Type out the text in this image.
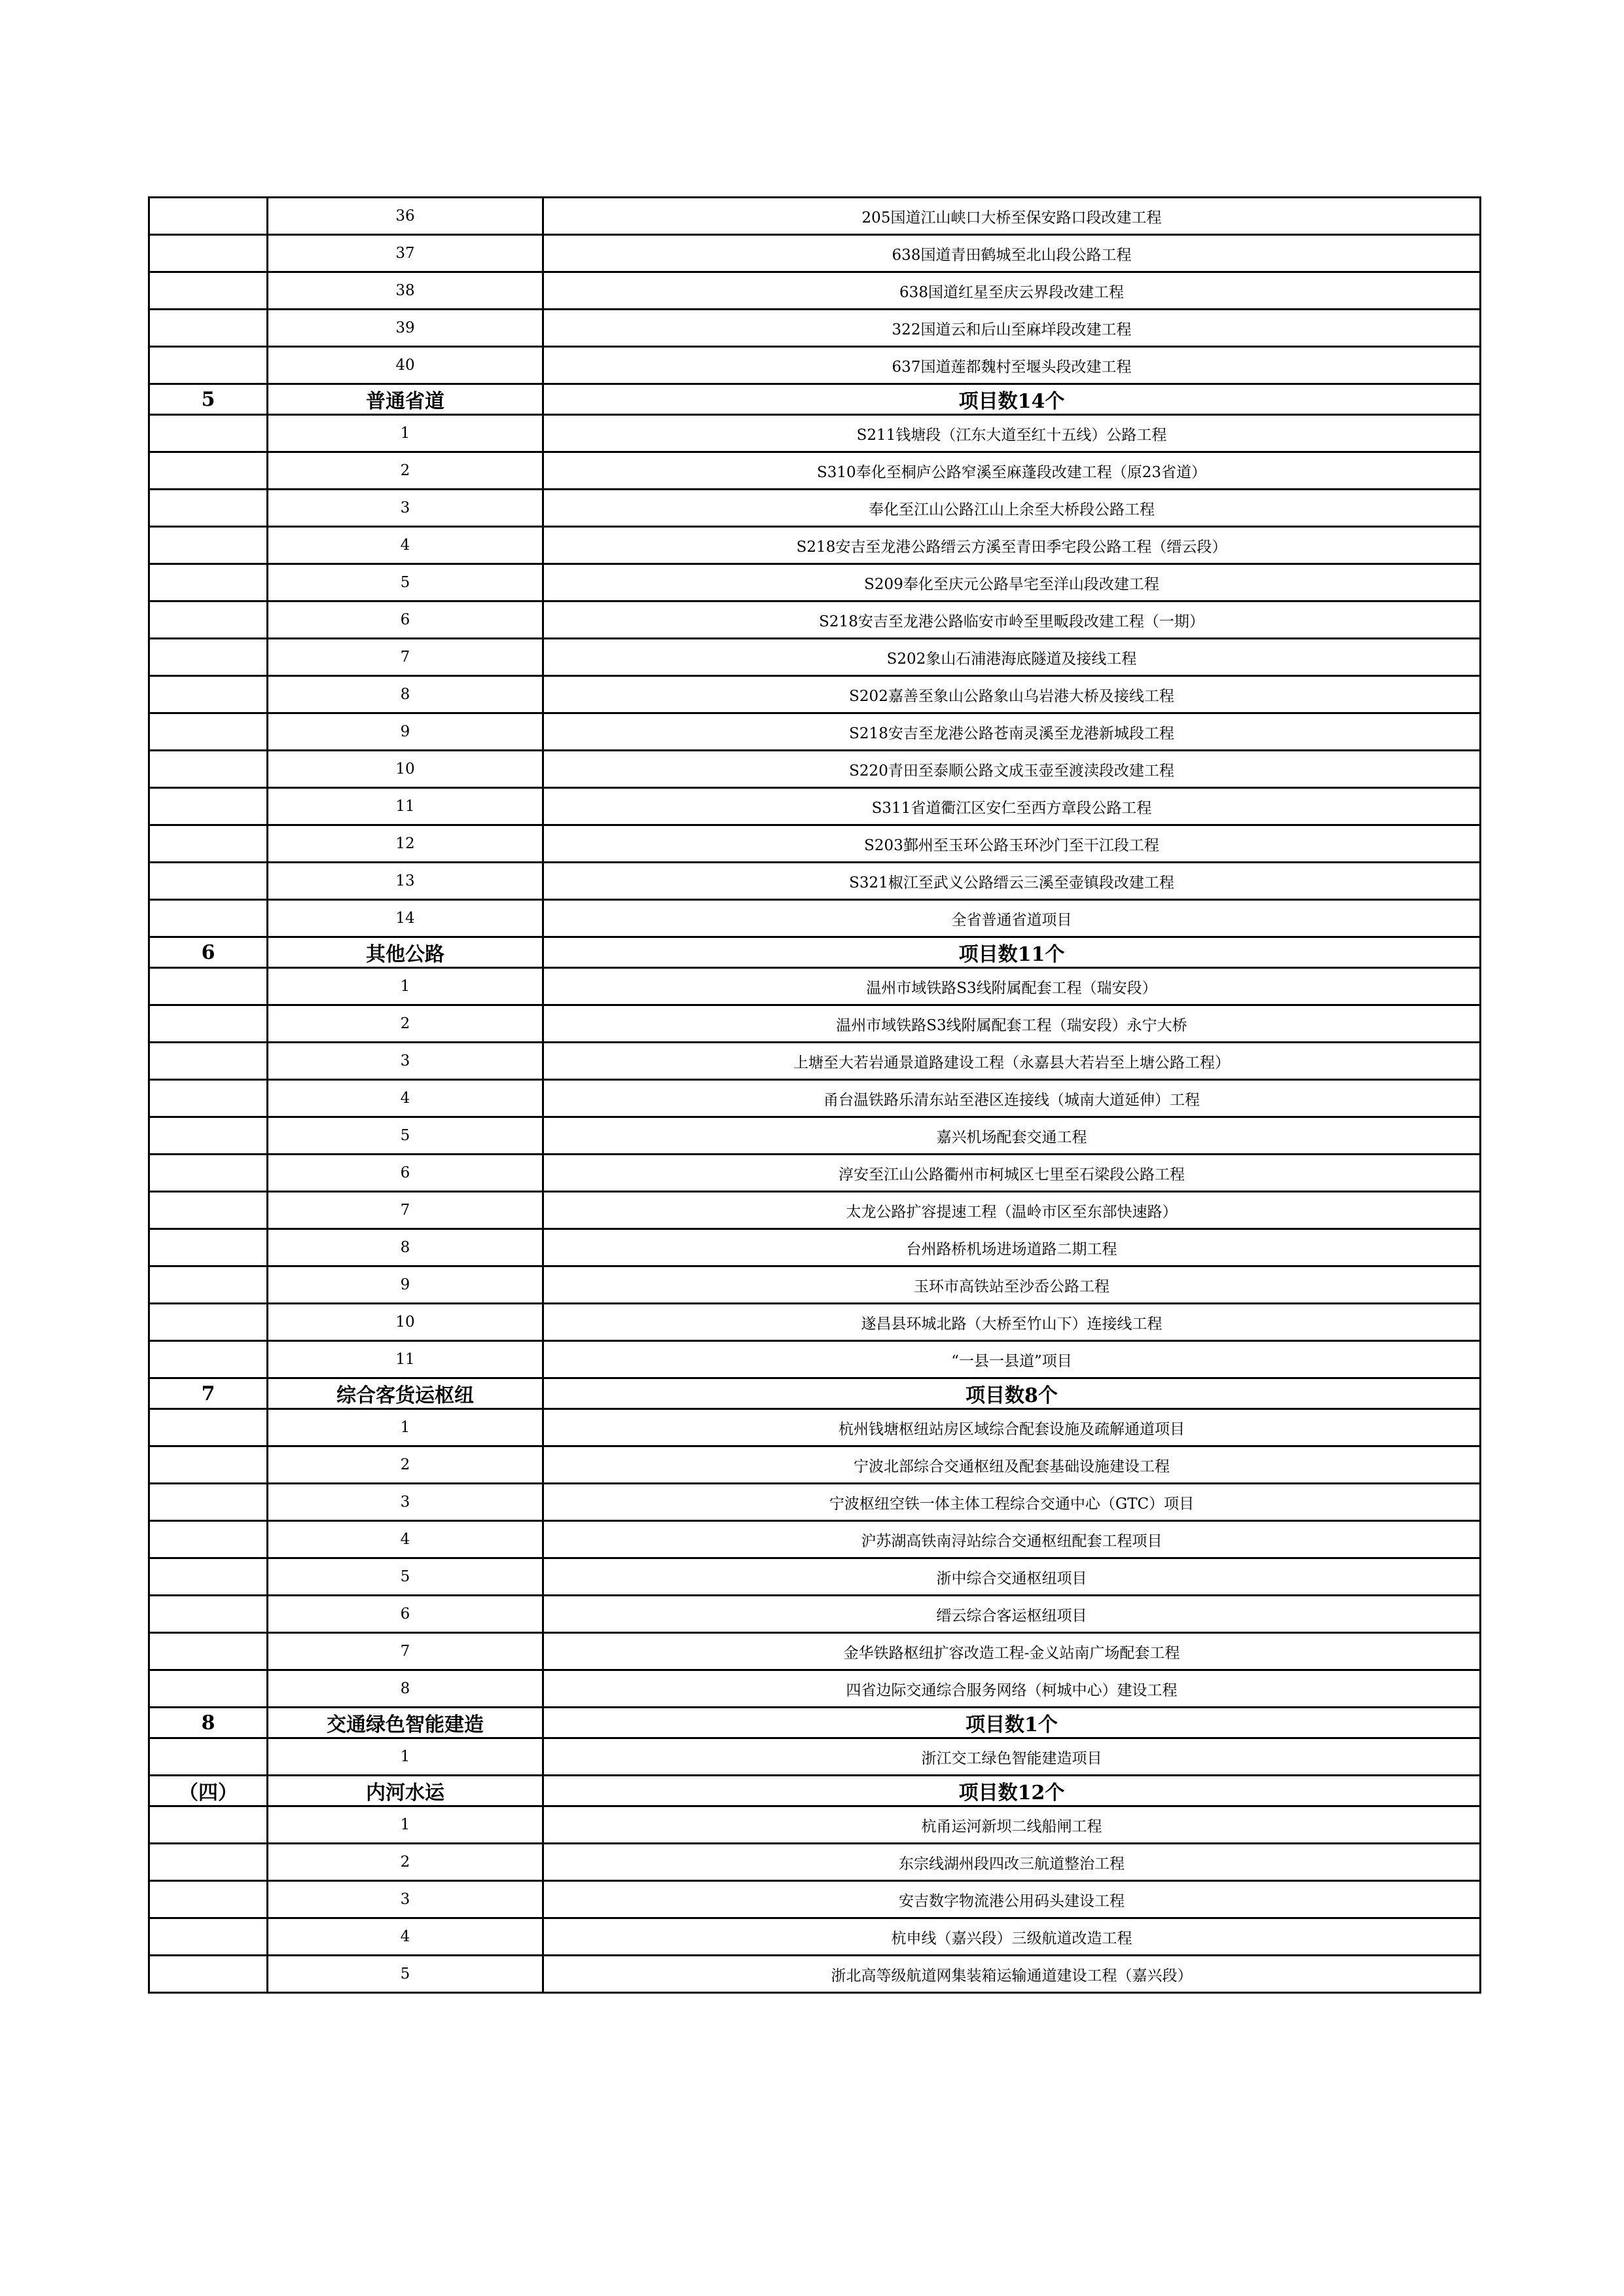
	36	205国道江山峡口大桥至保安路口段改建工程
	37	638国道青田鹤城至北山段公路工程
	38	638国道红星至庆云界段改建工程
	39	322国道云和后山至麻垟段改建工程
	40	637国道莲都魏村至堰头段改建工程
5	普通省道	项目数14个
	1	S211钱塘段（江东大道至红十五线）公路工程
	2	S310奉化至桐庐公路窄溪至麻蓬段改建工程（原23省道）
	3	奉化至江山公路江山上余至大桥段公路工程
	4	S218安吉至龙港公路缙云方溪至青田季宅段公路工程（缙云段）
	5	S209奉化至庆元公路旱宅至洋山段改建工程
	6	S218安吉至龙港公路临安市岭至里畈段改建工程（一期）
	7	S202象山石浦港海底隧道及接线工程
	8	S202嘉善至象山公路象山乌岩港大桥及接线工程
	9	S218安吉至龙港公路苍南灵溪至龙港新城段工程
	10	S220青田至泰顺公路文成玉壶至渡渎段改建工程
	11	S311省道衢江区安仁至西方章段公路工程
	12	S203鄞州至玉环公路玉环沙门至干江段工程
	13	S321椒江至武义公路缙云三溪至壶镇段改建工程
	14	全省普通省道项目
6	其他公路	项目数11个
	1	温州市域铁路S3线附属配套工程（瑞安段）
	2	温州市域铁路S3线附属配套工程（瑞安段）永宁大桥
	3	上塘至大若岩通景道路建设工程（永嘉县大若岩至上塘公路工程）
	4	甬台温铁路乐清东站至港区连接线（城南大道延伸）工程
	5	嘉兴机场配套交通工程
	6	淳安至江山公路衢州市柯城区七里至石梁段公路工程
	7	太龙公路扩容提速工程（温岭市区至东部快速路）
	8	台州路桥机场进场道路二期工程
	9	玉环市高铁站至沙岙公路工程
	10	遂昌县环城北路（大桥至竹山下）连接线工程
	11	“一县一县道”项目
7	综合客货运枢纽	项目数8个
	1	杭州钱塘枢纽站房区域综合配套设施及疏解通道项目
	2	宁波北部综合交通枢纽及配套基础设施建设工程
	3	宁波枢纽空铁一体主体工程综合交通中心（GTC）项目
	4	沪苏湖高铁南浔站综合交通枢纽配套工程项目
	5	浙中综合交通枢纽项目
	6	缙云综合客运枢纽项目
	7	金华铁路枢纽扩容改造工程-金义站南广场配套工程
	8	四省边际交通综合服务网络（柯城中心）建设工程
8	交通绿色智能建造	项目数1个
	1	浙江交工绿色智能建造项目
（四）	内河水运	项目数12个
	1	杭甬运河新坝二线船闸工程
	2	东宗线湖州段四改三航道整治工程
	3	安吉数字物流港公用码头建设工程
	4	杭申线（嘉兴段）三级航道改造工程
	5	浙北高等级航道网集装箱运输通道建设工程（嘉兴段）
